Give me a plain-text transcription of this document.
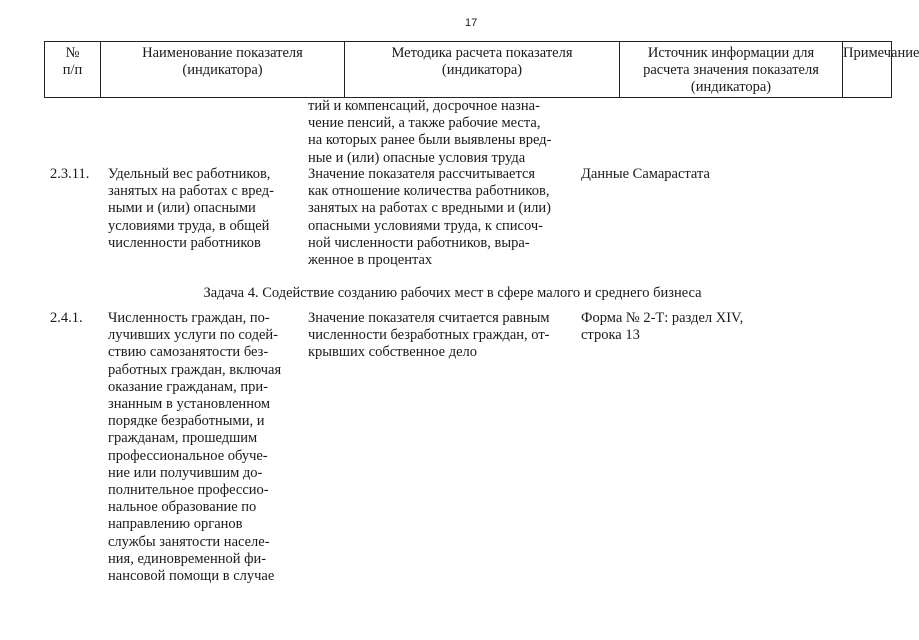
17
№
п/п
Наименование показателя
(индикатора)
Методика расчета показателя
(индикатора)
Источник информации для
расчета значения показателя
(индикатора)
Примечание
тий и компенсаций, досрочное назна-
чение пенсий, а также рабочие места,
на которых ранее были выявлены вред-
ные и (или) опасные условия труда
2.3.11. Удельный вес работников,
занятых на работах с вред-
ными и (или) опасными
условиями труда, в общей
численности работников
Значение показателя рассчитывается
как отношение количества работников,
занятых на работах с вредными и (или)
опасными условиями труда, к списоч-
ной численности работников, выра-
женное в процентах
Данные Самарастата
Задача 4. Содействие созданию рабочих мест в сфере малого и среднего бизнеса
2.4.1. Численность граждан, по-
лучивших услуги по содей-
ствию самозанятости без-
работных граждан, включая
оказание гражданам, при-
знанным в установленном
порядке безработными, и
гражданам, прошедшим
профессиональное обуче-
ние или получившим до-
полнительное профессио-
нальное образование по
направлению органов
службы занятости населе-
ния, единовременной фи-
нансовой помощи в случае
Значение показателя считается равным
численности безработных граждан, от-
крывших собственное дело
Форма № 2-Т: раздел XIV,
строка 13
